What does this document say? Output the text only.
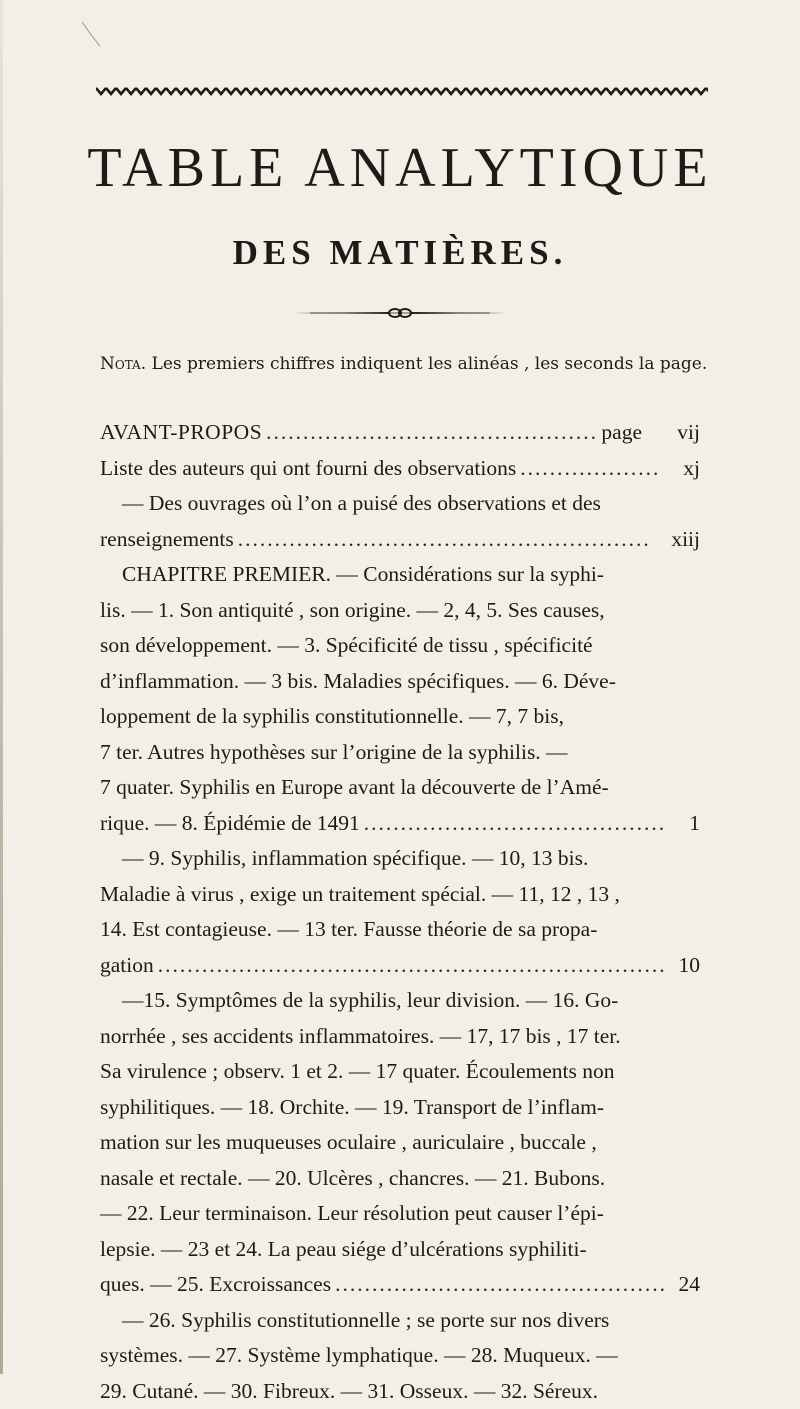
TABLE ANALYTIQUE
DES MATIÈRES.
Nota. Les premiers chiffres indiquent les alinéas , les seconds la page.
AVANT-PROPOS .....	page	vij
Liste des auteurs qui ont fourni des observations .....	xj
— Des ouvrages où l’on a puisé des observations et des
renseignements .....	xiij
CHAPITRE PREMIER. — Considérations sur la syphi-
lis. — 1. Son antiquité , son origine. — 2, 4, 5. Ses causes,
son développement. — 3. Spécificité de tissu , spécificité
d’inflammation. — 3 bis. Maladies spécifiques. — 6. Déve-
loppement de la syphilis constitutionnelle. — 7, 7 bis,
7 ter. Autres hypothèses sur l’origine de la syphilis. —
7 quater. Syphilis en Europe avant la découverte de l’Amé-
rique. — 8. Épidémie de 1491 .....	1
— 9. Syphilis, inflammation spécifique. — 10, 13 bis.
Maladie à virus , exige un traitement spécial. — 11, 12 , 13 ,
14. Est contagieuse. — 13 ter. Fausse théorie de sa propa-
gation .....	10
—15. Symptômes de la syphilis, leur division. — 16. Go-
norrhée , ses accidents inflammatoires. — 17, 17 bis , 17 ter.
Sa virulence ; observ. 1 et 2. — 17 quater. Écoulements non
syphilitiques. — 18. Orchite. — 19. Transport de l’inflam-
mation sur les muqueuses oculaire , auriculaire , buccale ,
nasale et rectale. — 20. Ulcères , chancres. — 21. Bubons.
— 22. Leur terminaison. Leur résolution peut causer l’épi-
lepsie. — 23 et 24. La peau siége d’ulcérations syphiliti-
ques. — 25. Excroissances .....	24
— 26. Syphilis constitutionnelle ; se porte sur nos divers
systèmes. — 27. Système lymphatique. — 28. Muqueux. —
29. Cutané. — 30. Fibreux. — 31. Osseux. — 32. Séreux.
